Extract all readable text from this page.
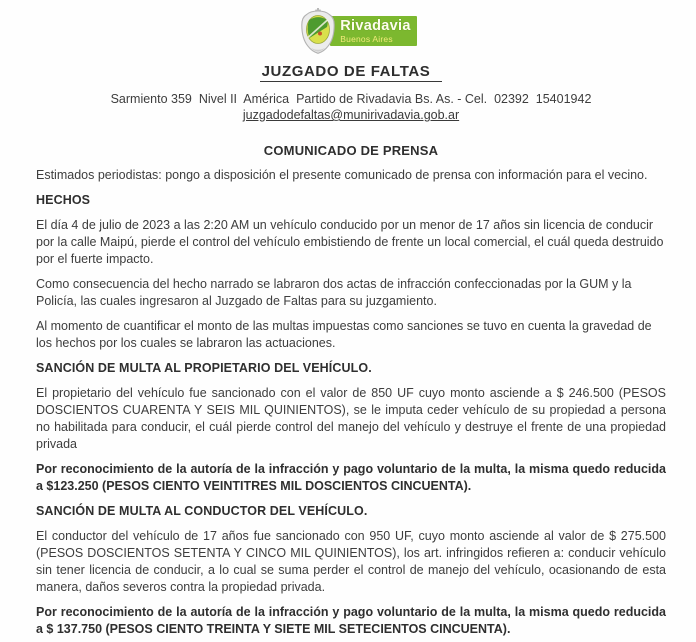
Rivadavia
Buenos Aires
JUZGADO DE FALTAS
Sarmiento 359  Nivel II  América  Partido de Rivadavia Bs. As. - Cel.  02392  15401942
juzgadodefaltas@munirivadavia.gob.ar
COMUNICADO DE PRENSA

Estimados periodistas: pongo a disposición el presente comunicado de prensa con información para el vecino.

HECHOS

El día 4 de julio de 2023 a las 2:20 AM un vehículo conducido por un menor de 17 años sin licencia de conducir por la calle Maipú, pierde el control del vehículo embistiendo de frente un local comercial, el cuál queda destruido por el fuerte impacto.

Como consecuencia del hecho narrado se labraron dos actas de infracción confeccionadas por la GUM y la Policía, las cuales ingresaron al Juzgado de Faltas para su juzgamiento.

Al momento de cuantificar el monto de las multas impuestas como sanciones se tuvo en cuenta la gravedad de los hechos por los cuales se labraron las actuaciones.

SANCIÓN DE MULTA AL PROPIETARIO DEL VEHÍCULO.

El propietario del vehículo fue sancionado con el valor de 850 UF cuyo monto asciende a $ 246.500 (PESOS DOSCIENTOS CUARENTA Y SEIS MIL QUINIENTOS), se le imputa ceder vehículo de su propiedad a persona no habilitada para conducir, el cuál pierde control del manejo del vehículo y destruye el frente de una propiedad privada

Por reconocimiento de la autoría de la infracción y pago voluntario de la multa, la misma quedo reducida a $123.250 (PESOS CIENTO VEINTITRES MIL DOSCIENTOS CINCUENTA).

SANCIÓN DE MULTA AL CONDUCTOR DEL VEHÍCULO.

El conductor del vehículo de 17 años fue sancionado con 950 UF, cuyo monto asciende al valor de $ 275.500 (PESOS DOSCIENTOS SETENTA Y CINCO MIL QUINIENTOS), los art. infringidos refieren a: conducir vehículo sin tener licencia de conducir, a lo cual se suma perder el control de manejo del vehículo, ocasionando de esta manera, daños severos contra la propiedad privada.

Por reconocimiento de la autoría de la infracción y pago voluntario de la multa, la misma quedo reducida a $ 137.750 (PESOS CIENTO TREINTA Y SIETE MIL SETECIENTOS CINCUENTA).
